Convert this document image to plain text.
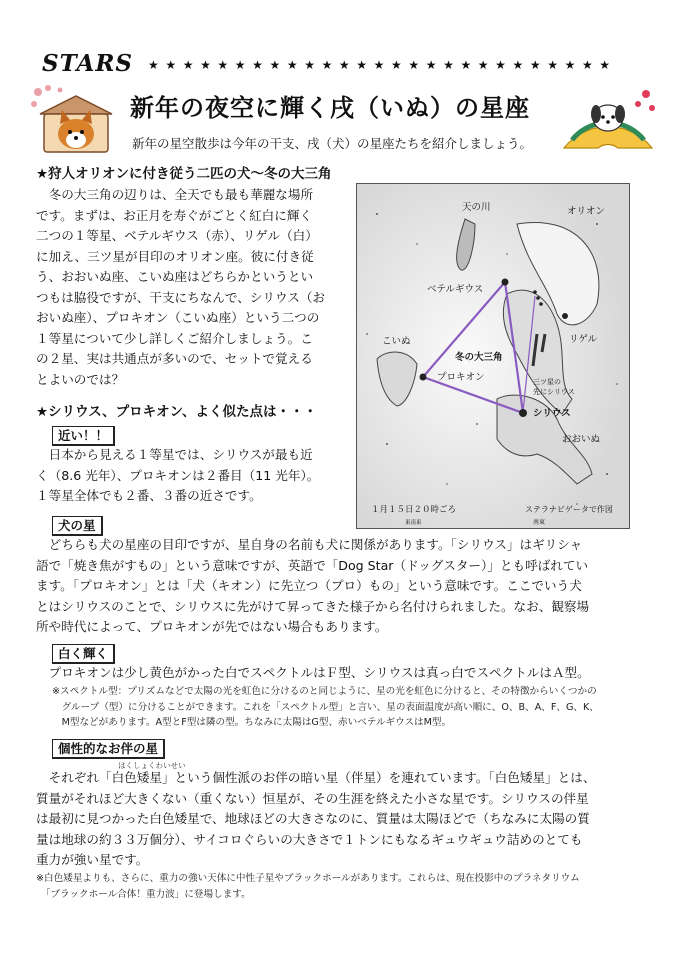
STARS ★★★★★★★★★★★★★★★★★★★★★★★★★★★
新年の夜空に輝く戌（いぬ）の星座
新年の星空散歩は今年の干支、戌（犬）の星座たちを紹介しましょう。
★狩人オリオンに付き従う二匹の犬～冬の大三角

　冬の大三角の辺りは、全天でも最も華麗な場所

です。まずは、お正月を寿ぐがごとく紅白に輝く

二つの１等星、ベテルギウス（赤）、リゲル（白）

に加え、三ツ星が目印のオリオン座。彼に付き従

う、おおいぬ座、こいぬ座はどちらかというとい

つもは脇役ですが、干支にちなんで、シリウス（お

おいぬ座）、プロキオン（こいぬ座）という二つの

１等星について少し詳しくご紹介しましょう。こ

の２星、実は共通点が多いので、セットで覚える

とよいのでは？

★シリウス、プロキオン、よく似た点は・・・
近い！！

　日本から見える１等星では、シリウスが最も近

く（8.6 光年）、プロキオンは２番目（11 光年）。

１等星全体でも２番、３番の近さです。

天の川	オリオン
ベテルギウス
リゲル
こいぬ
冬の大三角
プロキオン	三ツ星の
先にシリウス
シリウス
おおいぬ
１月１５日２０時ごろ	ステラナビゲータで作図
東南東	南東
犬の星

　どちらも犬の星座の目印ですが、星自身の名前も犬に関係があります。「シリウス」はギリシャ

語で「焼き焦がすもの」という意味ですが、英語で「Dog Star（ドッグスター）」とも呼ばれてい

ます。「プロキオン」とは「犬（キオン）に先立つ（プロ）もの」という意味です。ここでいう犬

とはシリウスのことで、シリウスに先がけて昇ってきた様子から名付けられました。なお、観察場

所や時代によって、プロキオンが先ではない場合もあります。

白く輝く
　プロキオンは少し黄色がかった白でスペクトルはＦ型、シリウスは真っ白でスペクトルはＡ型。
※スペクトル型：プリズムなどで太陽の光を虹色に分けるのと同じように、星の光を虹色に分けると、その特徴からいくつかの
　グループ（型）に分けることができます。これを「スペクトル型」と言い、星の表面温度が高い順に、O、B、A、F、G、K、
　M型などがあります。A型とF型は隣の型。ちなみに太陽はG型、赤いベテルギウスはM型。
個性的なお伴の星
はくしょくわいせい

　それぞれ「白色矮星」という個性派のお伴の暗い星（伴星）を連れています。「白色矮星」とは、

質量がそれほど大きくない（重くない）恒星が、その生涯を終えた小さな星です。シリウスの伴星

は最初に見つかった白色矮星で、地球ほどの大きさなのに、質量は太陽ほどで（ちなみに太陽の質

量は地球の約３３万個分）、サイコロぐらいの大きさで１トンにもなるギュウギュウ詰めのとても

重力が強い星です。

※白色矮星よりも、さらに、重力の強い天体に中性子星やブラックホールがあります。これらは、現在投影中のプラネタリウム
　「ブラックホール合体！重力波」に登場します。
